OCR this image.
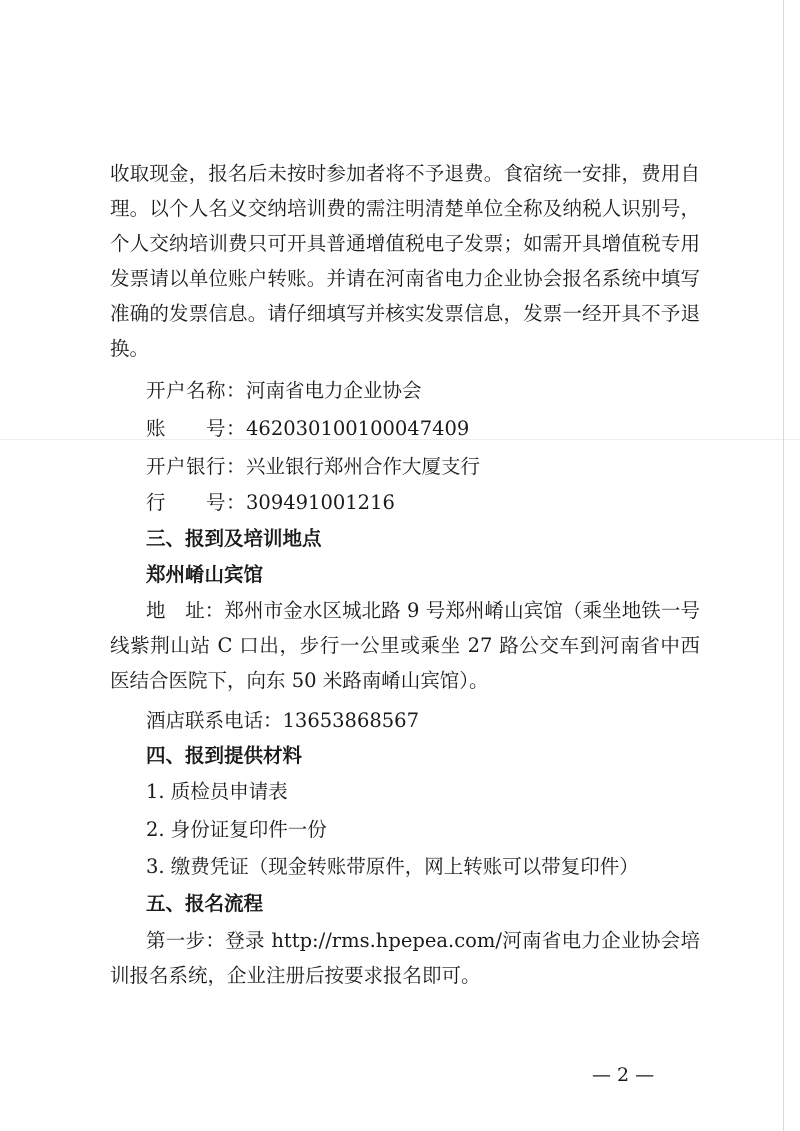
收取现金，报名后未按时参加者将不予退费。食宿统一安排，费用自理。以个人名义交纳培训费的需注明清楚单位全称及纳税人识别号，个人交纳培训费只可开具普通增值税电子发票；如需开具增值税专用发票请以单位账户转账。并请在河南省电力企业协会报名系统中填写准确的发票信息。请仔细填写并核实发票信息，发票一经开具不予退换。
开户名称：河南省电力企业协会
账　　号：46203010010004740​9
开户银行：兴业银行郑州合作大厦支行
行　　号：309491001216
三、报到及培训地点
郑州崤山宾馆
地　址：郑州市金水区城北路 9 号郑州崤山宾馆（乘坐地铁一号线紫荆山站 C 口出，步行一公里或乘坐 27 路公交车到河南省中西医结合医院下，向东 50 米路南崤山宾馆）。
酒店联系电话：13653868567
四、报到提供材料
1. 质检员申请表
2. 身份证复印件一份
3. 缴费凭证（现金转账带原件，网上转账可以带复印件）
五、报名流程
第一步：登录 http://rms.hpepea.com/河南省电力企业协会培训报名系统，企业注册后按要求报名即可。
— 2 —
